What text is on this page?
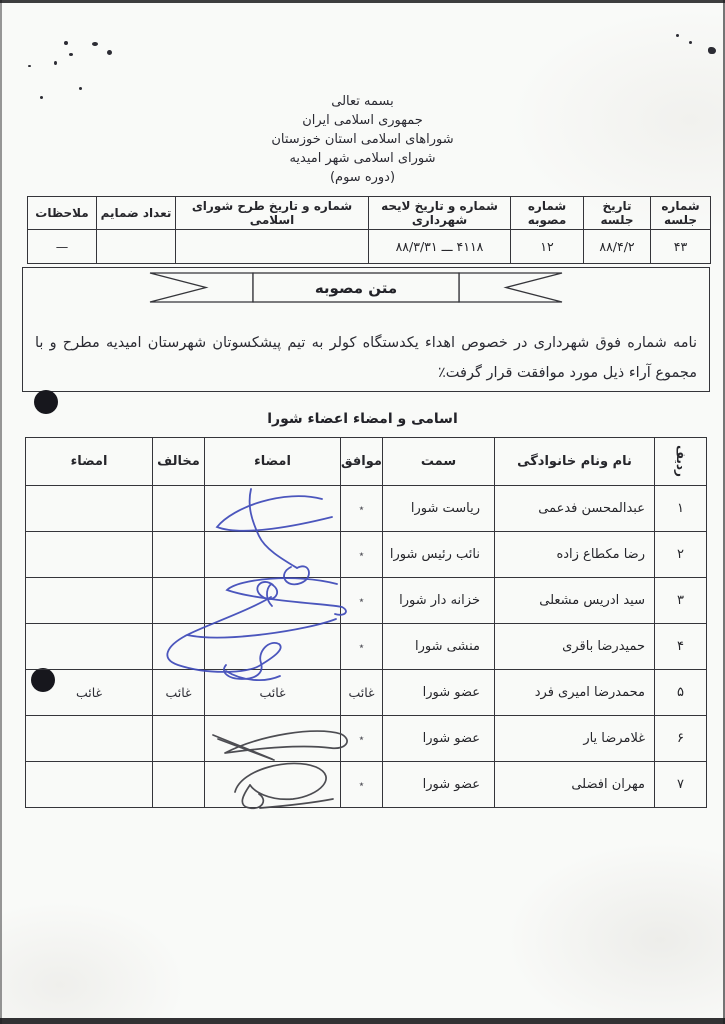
بسمه تعالی
جمهوری اسلامی ایران
شوراهای اسلامی استان خوزستان
شورای اسلامی شهر امیدیه
(دوره سوم)
شماره جلسه	تاریخ جلسه	شماره مصوبه	شماره و تاریخ لایحه شهرداری	شماره و تاریخ طرح شورای اسلامی	تعداد ضمایم	ملاحظات
۴۳	۸۸/۴/۲	۱۲	۴۱۱۸ ـــ ۸۸/۳/۳۱			—
متن مصوبه

نامه شماره فوق شهرداری در خصوص اهداء یکدستگاه کولر به تیم پیشکسوتان شهرستان امیدیه مطرح و با مجموع آراء ذیل مورد موافقت قرار گرفت٪

اسامی و امضاء اعضاء شورا
ردیف	نام ونام خانوادگی	سمت	موافق	امضاء	مخالف	امضاء
۱	عبدالمحسن فدعمی	ریاست شورا	٭			
۲	رضا مکطاع زاده	نائب رئیس شورا	٭			
۳	سید ادریس مشعلی	خزانه دار شورا	٭			
۴	حمیدرضا باقری	منشی شورا	٭			
۵	محمدرضا امیری فرد	عضو شورا	غائب	غائب	غائب	غائب
۶	غلامرضا یار	عضو شورا	٭			
۷	مهران افضلی	عضو شورا	٭			
